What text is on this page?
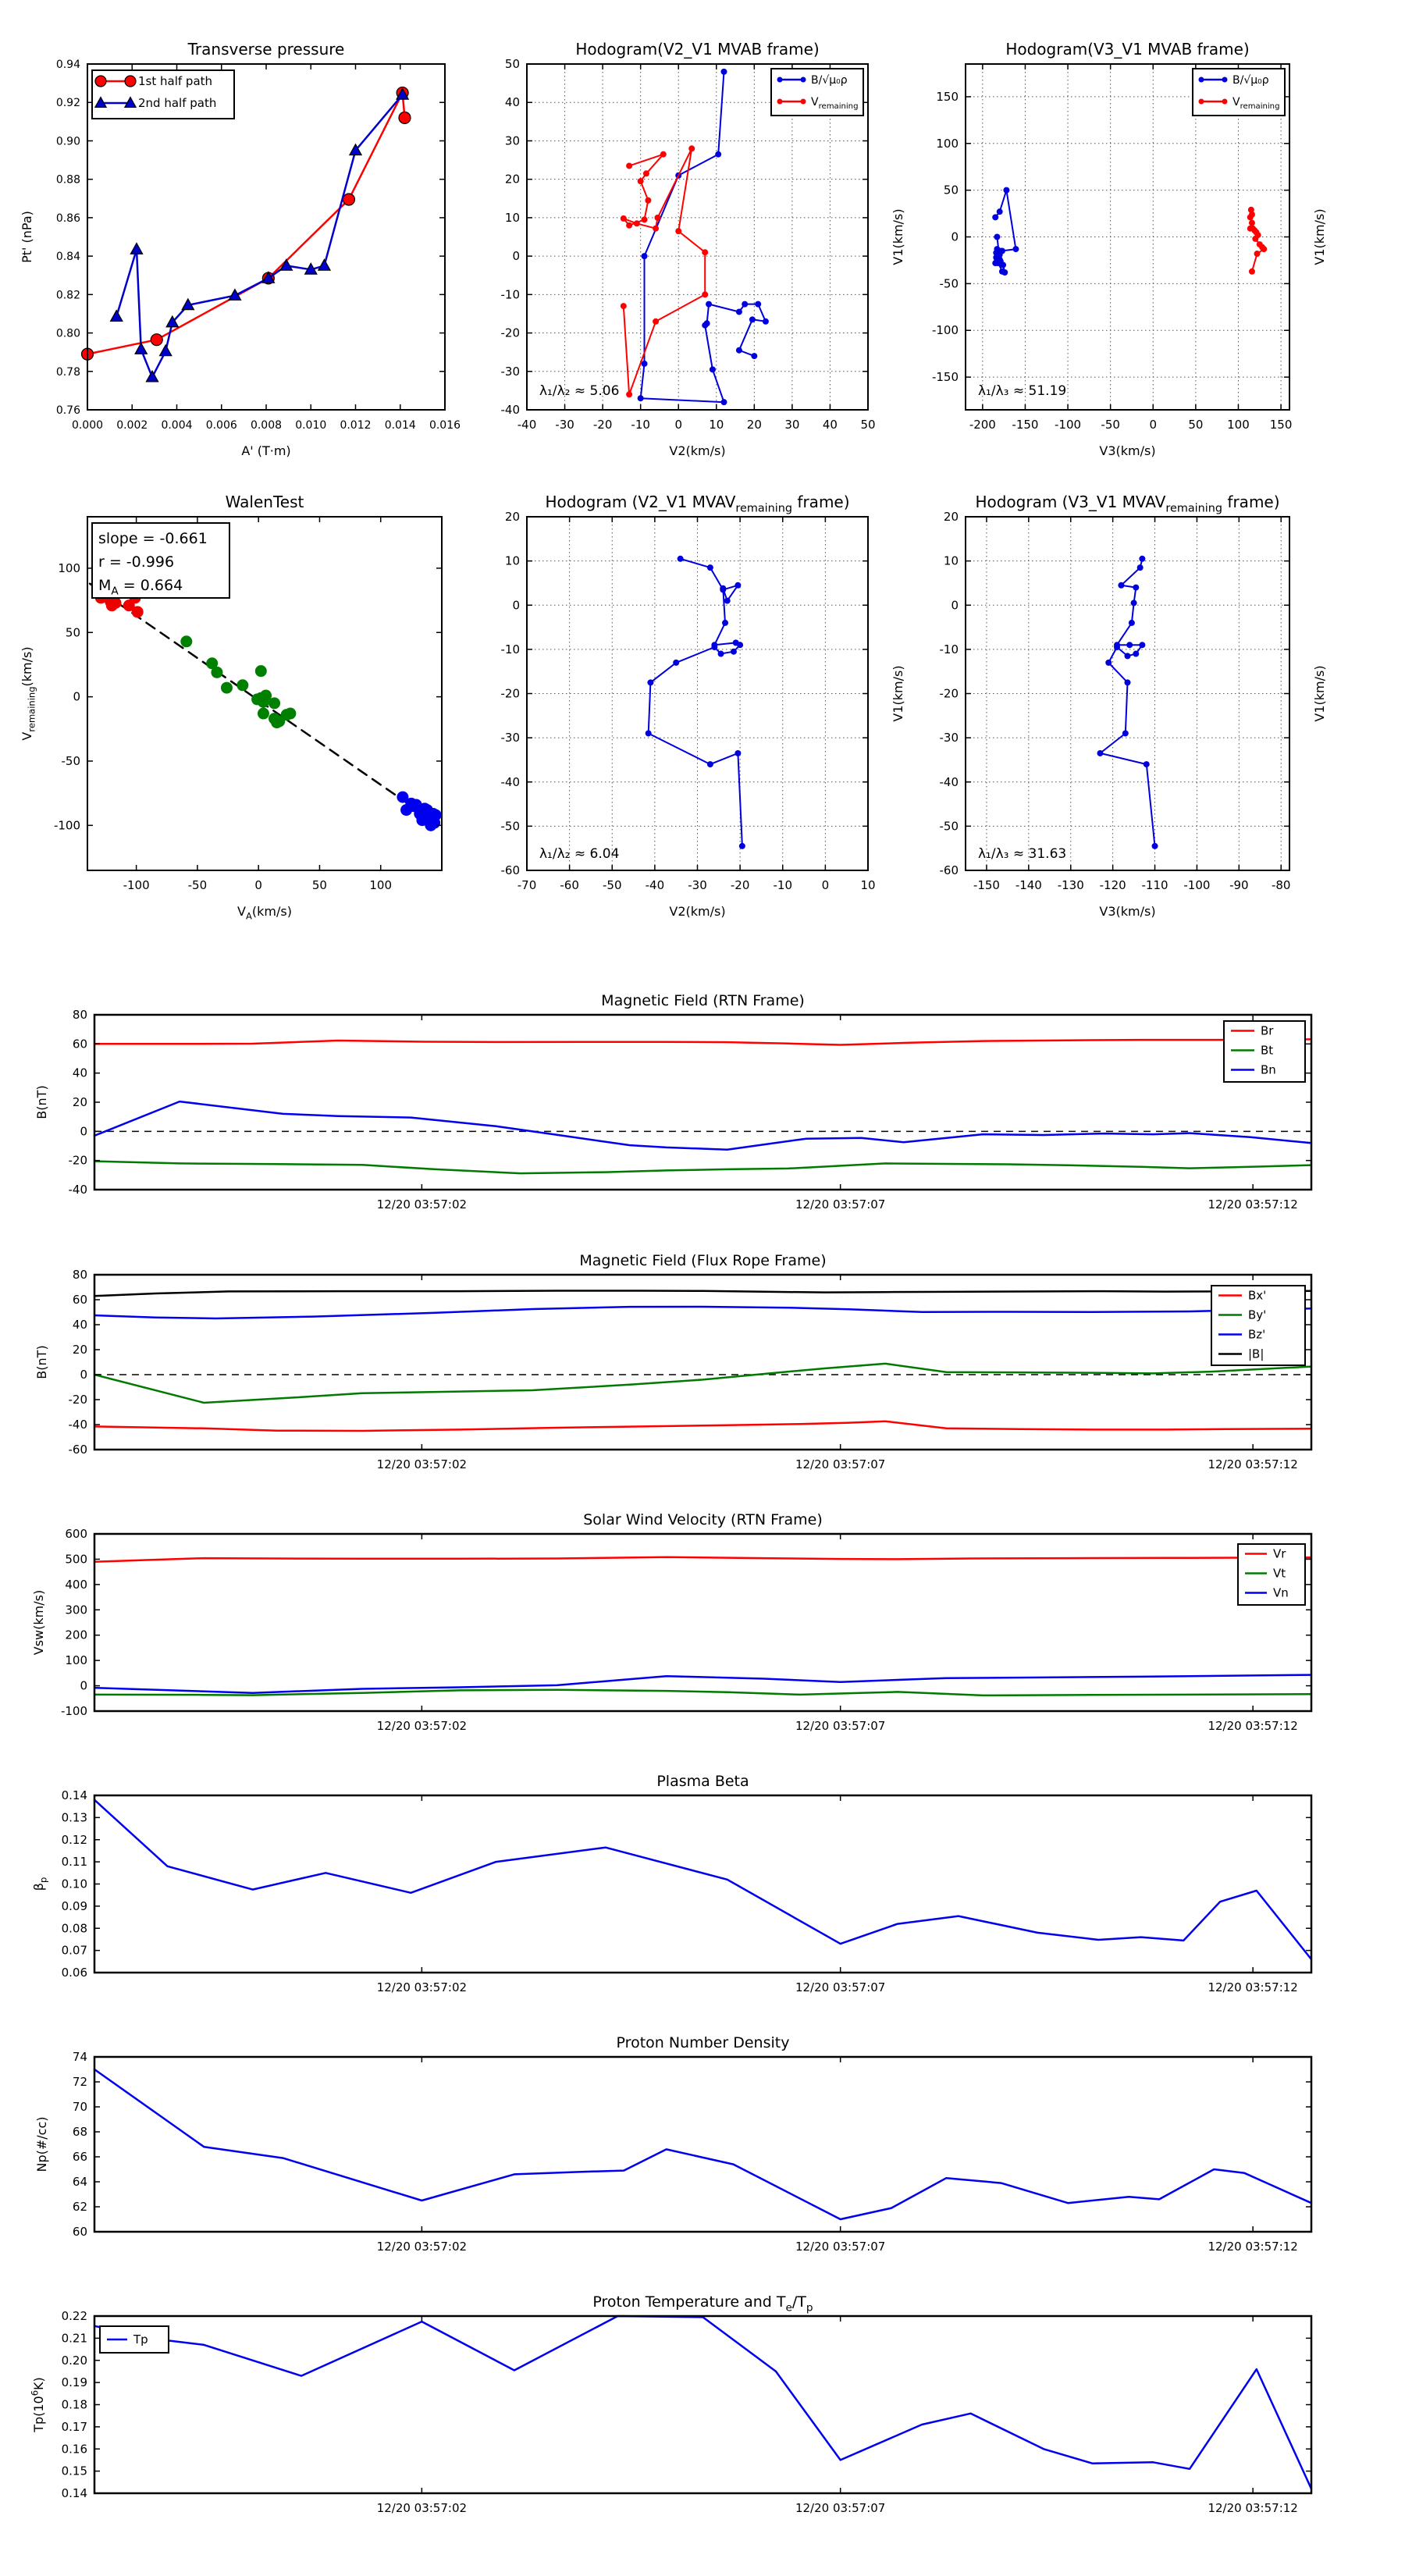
0.000 0.002 0.004 0.006 0.008 0.010 0.012 0.014 0.016
0.76
0.78
0.80
0.82
0.84
0.86
0.88
0.90
0.92
0.94
Transverse pressure
A' (T·m)
Pt' (nPa)
1st half path
2nd half path
-40 -30 -20 -10 0 10 20 30 40 50
-40
-30
-20
-10
0
10
20
30
40
50
Hodogram(V2_V1 MVAB frame)
V2(km/s)
V1(km/s)
B/√μ₀ρ
$V_{remaining}$
λ₁/λ₂ ≈ 5.06
-200 -150 -100 -50	0	50 100 150
-150
-100
-50
0
50
100
150
Hodogram(V3_V1 MVAB frame)
V3(km/s)
V1(km/s)
B/√μ₀ρ
$V_{remaining}$
λ₁/λ₃ ≈ 51.19
-100	-50	0	50	100
-100
-50
0
50
100
WalenTest
$V_A(km/s)$
$V_{remaining}(km/s)$
slope = -0.661
r = -0.996
$M_A = 0.664$
-70 -60 -50 -40 -30 -20 -10	0	10
-60
-50
-40
-30
-20
-10
0
10
20
Hodogram (V2_V1 $MVAV_{remaining}$ frame)
V2(km/s)
V1(km/s)
λ₁/λ₂ ≈ 6.04
-150 -140 -130 -120 -110 -100 -90 -80
-60
-50
-40
-30
-20
-10
0
10
20
Hodogram (V3_V1 $MVAV_{remaining}$ frame)
V3(km/s)
V1(km/s)
λ₁/λ₃ ≈ 31.63
12/20 03:57:02	12/20 03:57:07	12/20 03:57:12
-40
-20
0
20
40
60
80
Magnetic Field (RTN Frame)
B(nT)
Br
Bt
Bn
12/20 03:57:02	12/20 03:57:07	12/20 03:57:12
-60
-40
-20
0
20
40
60
80
Magnetic Field (Flux Rope Frame)
B(nT)
Bx'
By'
Bz'
|B|
12/20 03:57:02	12/20 03:57:07	12/20 03:57:12
-100
0
100
200
300
400
500
600
Solar Wind Velocity (RTN Frame)
Vsw(km/s)
Vr
Vt
Vn
12/20 03:57:02	12/20 03:57:07	12/20 03:57:12
0.06
0.07
0.08
0.09
0.10
0.11
0.12
0.13
0.14
Plasma Beta
$\beta_p$
12/20 03:57:02	12/20 03:57:07	12/20 03:57:12
60
62
64
66
68
70
72
74
Proton Number Density
Np(#/cc)
12/20 03:57:02	12/20 03:57:07	12/20 03:57:12
0.14
0.15
0.16
0.17
0.18
0.19
0.20
0.21
0.22
Proton Temperature and $T_e/T_p$
$Tp(10^6K)$
Tp
